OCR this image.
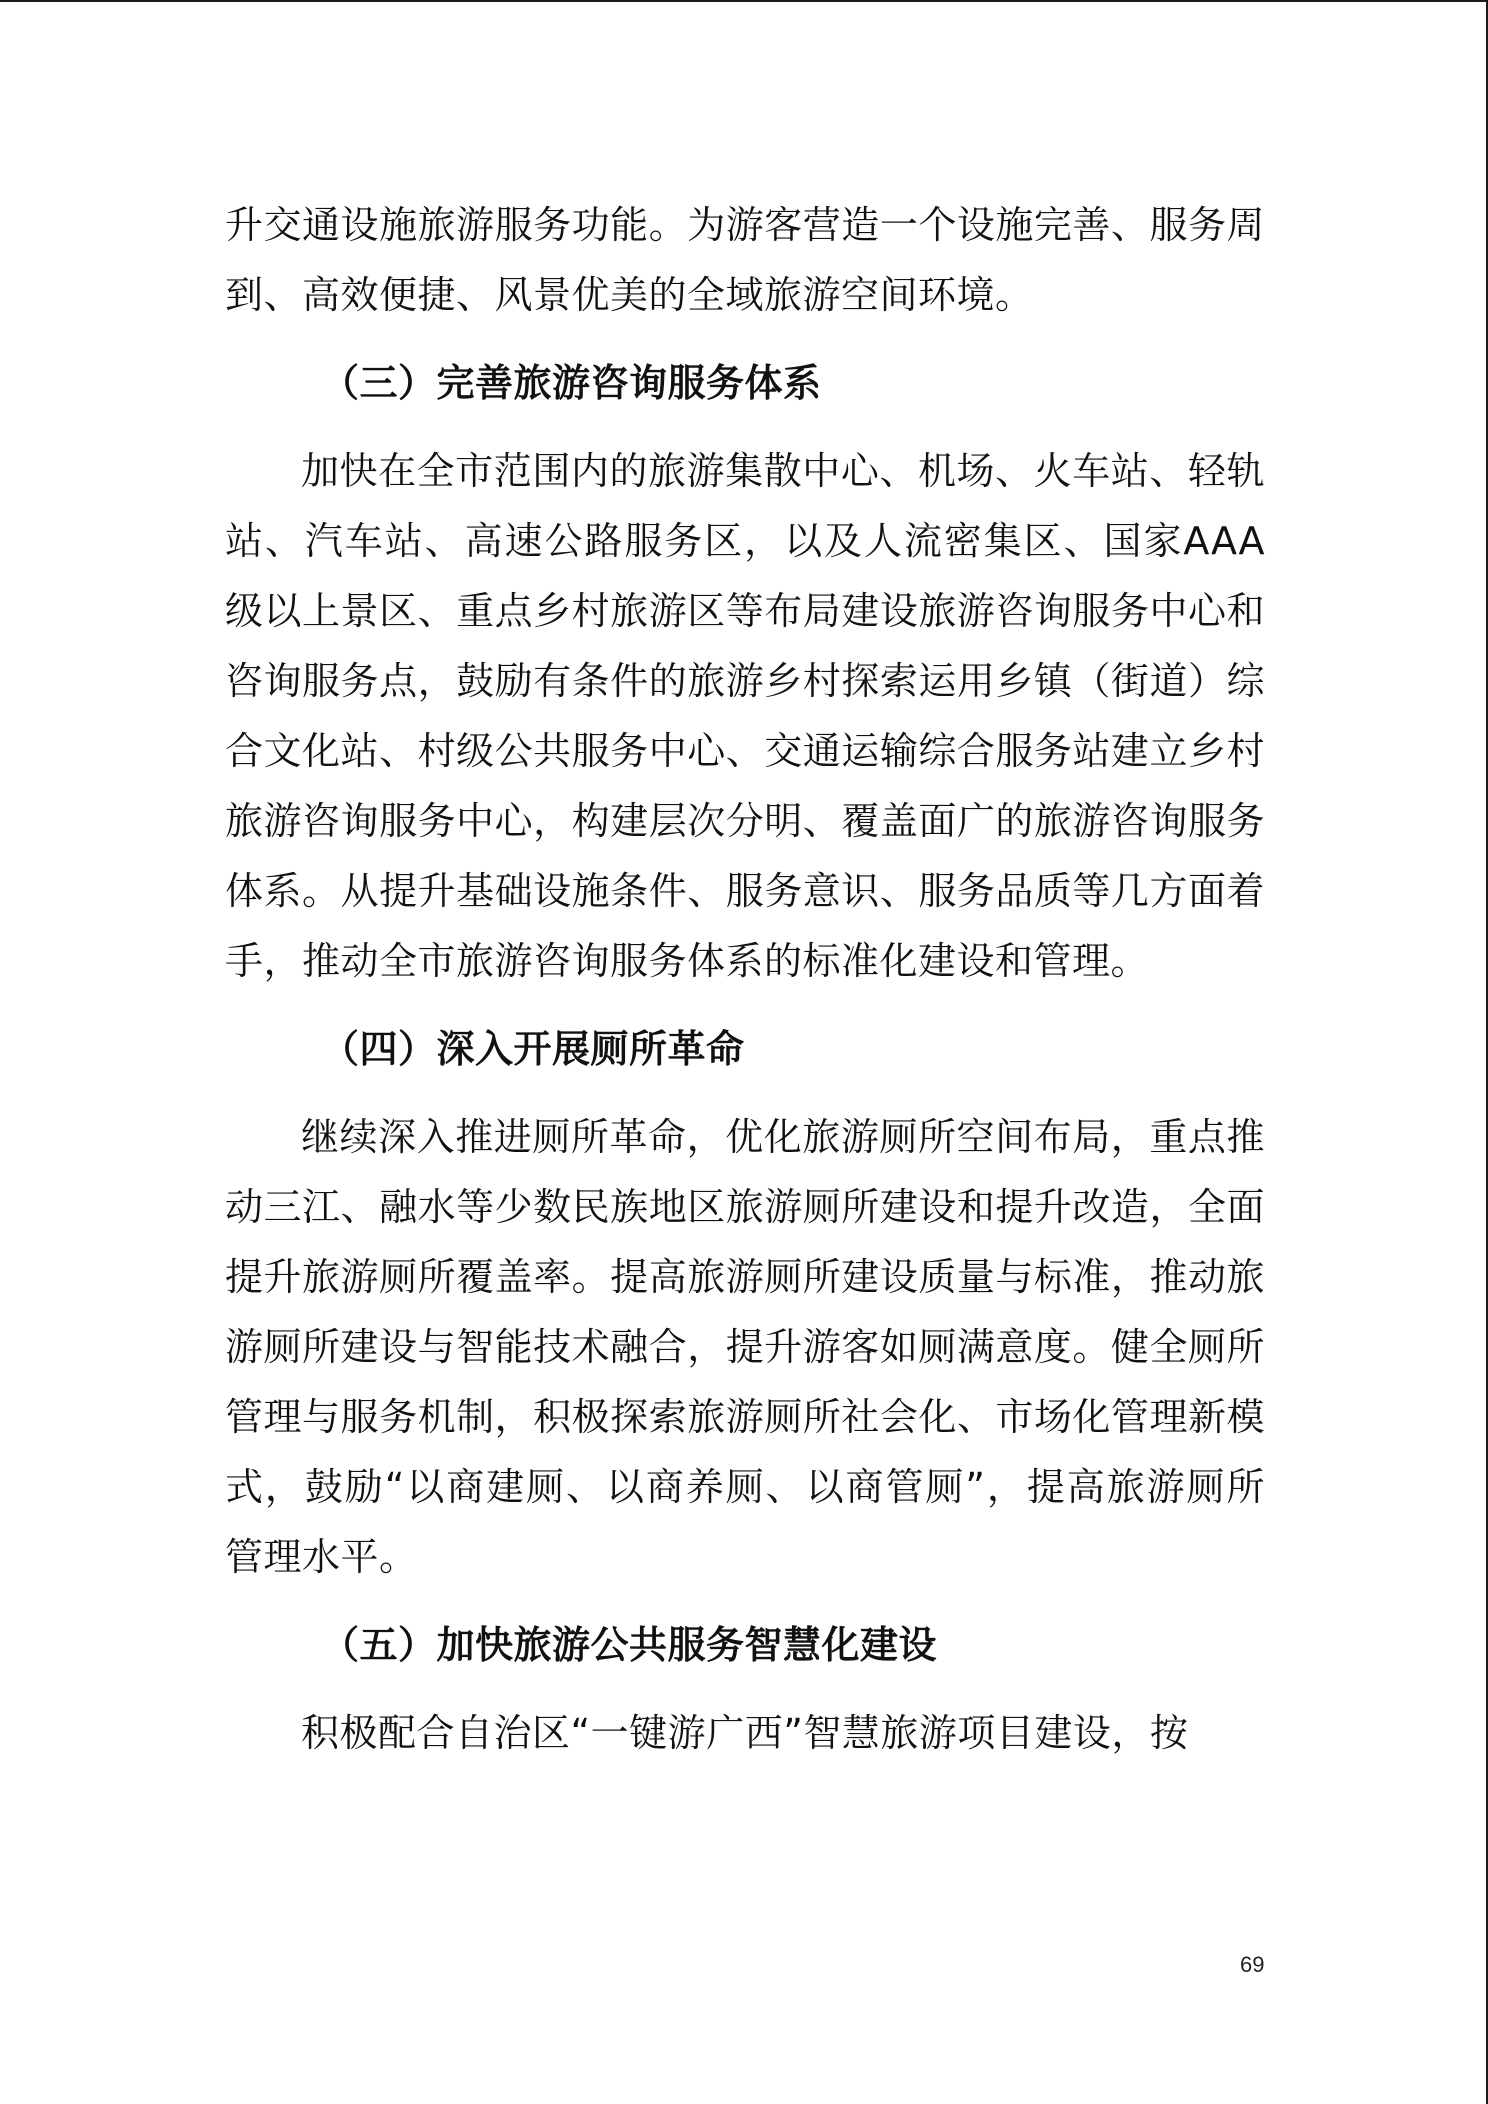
升交通设施旅游服务功能。为游客营造一个设施完善、服务周到、高效便捷、风景优美的全域旅游空间环境。

（三）完善旅游咨询服务体系

加快在全市范围内的旅游集散中心、机场、火车站、轻轨站、汽车站、高速公路服务区，以及人流密集区、国家AAA级以上景区、重点乡村旅游区等布局建设旅游咨询服务中心和咨询服务点，鼓励有条件的旅游乡村探索运用乡镇（街道）综合文化站、村级公共服务中心、交通运输综合服务站建立乡村旅游咨询服务中心，构建层次分明、覆盖面广的旅游咨询服务体系。从提升基础设施条件、服务意识、服务品质等几方面着手，推动全市旅游咨询服务体系的标准化建设和管理。

（四）深入开展厕所革命

继续深入推进厕所革命，优化旅游厕所空间布局，重点推动三江、融水等少数民族地区旅游厕所建设和提升改造，全面提升旅游厕所覆盖率。提高旅游厕所建设质量与标准，推动旅游厕所建设与智能技术融合，提升游客如厕满意度。健全厕所管理与服务机制，积极探索旅游厕所社会化、市场化管理新模式，鼓励“以商建厕、以商养厕、以商管厕”，提高旅游厕所管理水平。

（五）加快旅游公共服务智慧化建设

积极配合自治区“一键游广西”智慧旅游项目建设，按

69
